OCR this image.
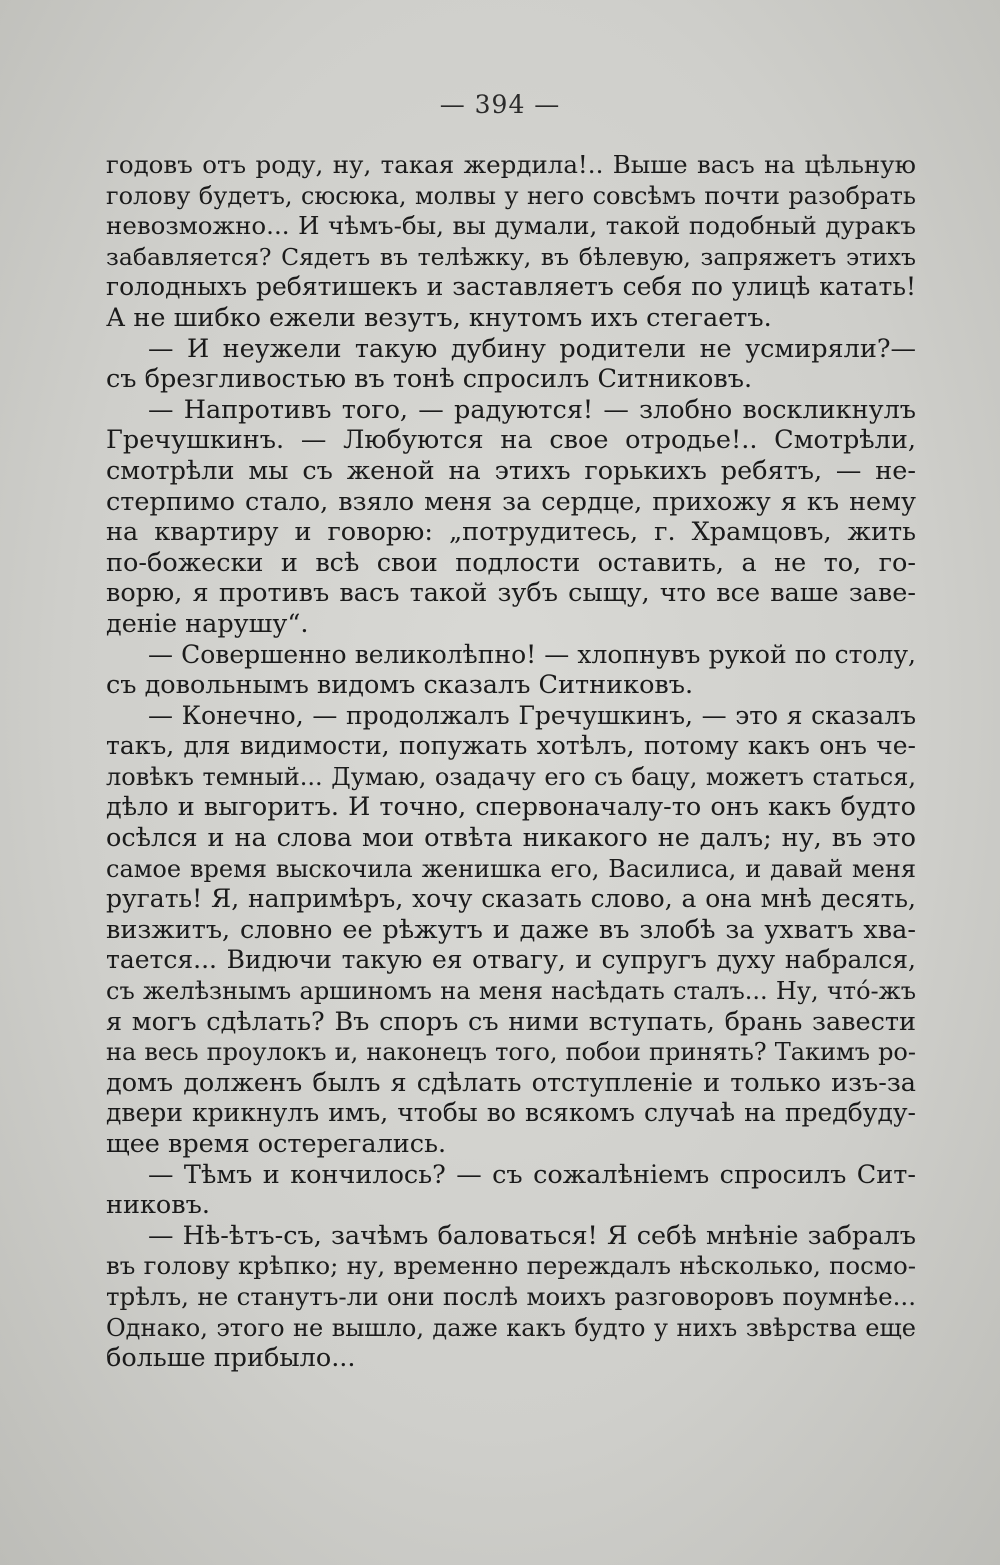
— 394 —
годовъ отъ роду, ну, такая жердила!.. Выше васъ на цѣльную
голову будетъ, сюсюка, молвы у него совсѣмъ почти разобрать
невозможно... И чѣмъ-бы, вы думали, такой подобный дуракъ
забавляется? Сядетъ въ телѣжку, въ бѣлевую, запряжетъ этихъ
голодныхъ ребятишекъ и заставляетъ себя по улицѣ катать!
А не шибко ежели везутъ, кнутомъ ихъ стегаетъ.
— И неужели такую дубину родители не усмиряли?—
съ брезгливостью въ тонѣ спросилъ Ситниковъ.
— Напротивъ того, — радуются! — злобно воскликнулъ
Гречушкинъ. — Любуются на свое отродье!.. Смотрѣли,
смотрѣли мы съ женой на этихъ горькихъ ребятъ, — не-
стерпимо стало, взяло меня за сердце, прихожу я къ нему
на квартиру и говорю: „потрудитесь, г. Храмцовъ, жить
по-божески и всѣ свои подлости оставить, а не то, го-
ворю, я противъ васъ такой зубъ сыщу, что все ваше заве-
деніе нарушу“.
— Совершенно великолѣпно! — хлопнувъ рукой по столу,
съ довольнымъ видомъ сказалъ Ситниковъ.
— Конечно, — продолжалъ Гречушкинъ, — это я сказалъ
такъ, для видимости, попужать хотѣлъ, потому какъ онъ че-
ловѣкъ темный... Думаю, озадачу его съ бацу, можетъ статься,
дѣло и выгоритъ. И точно, спервоначалу-то онъ какъ будто
осѣлся и на слова мои отвѣта никакого не далъ; ну, въ это
самое время выскочила женишка его, Василиса, и давай меня
ругать! Я, напримѣръ, хочу сказать слово, а она мнѣ десять,
визжитъ, словно ее рѣжутъ и даже въ злобѣ за ухватъ хва-
тается... Видючи такую ея отвагу, и супругъ духу набрался,
съ желѣзнымъ аршиномъ на меня насѣдать сталъ... Ну, чтó-жъ
я могъ сдѣлать? Въ споръ съ ними вступать, брань завести
на весь проулокъ и, наконецъ того, побои принять? Такимъ ро-
домъ долженъ былъ я сдѣлать отступленіе и только изъ-за
двери крикнулъ имъ, чтобы во всякомъ случаѣ на предбуду-
щее время остерегались.
— Тѣмъ и кончилось? — съ сожалѣніемъ спросилъ Сит-
никовъ.
— Нѣ-ѣтъ-съ, зачѣмъ баловаться! Я себѣ мнѣніе забралъ
въ голову крѣпко; ну, временно переждалъ нѣсколько, посмо-
трѣлъ, не станутъ-ли они послѣ моихъ разговоровъ поумнѣе...
Однако, этого не вышло, даже какъ будто у нихъ звѣрства еще
больше прибыло...
